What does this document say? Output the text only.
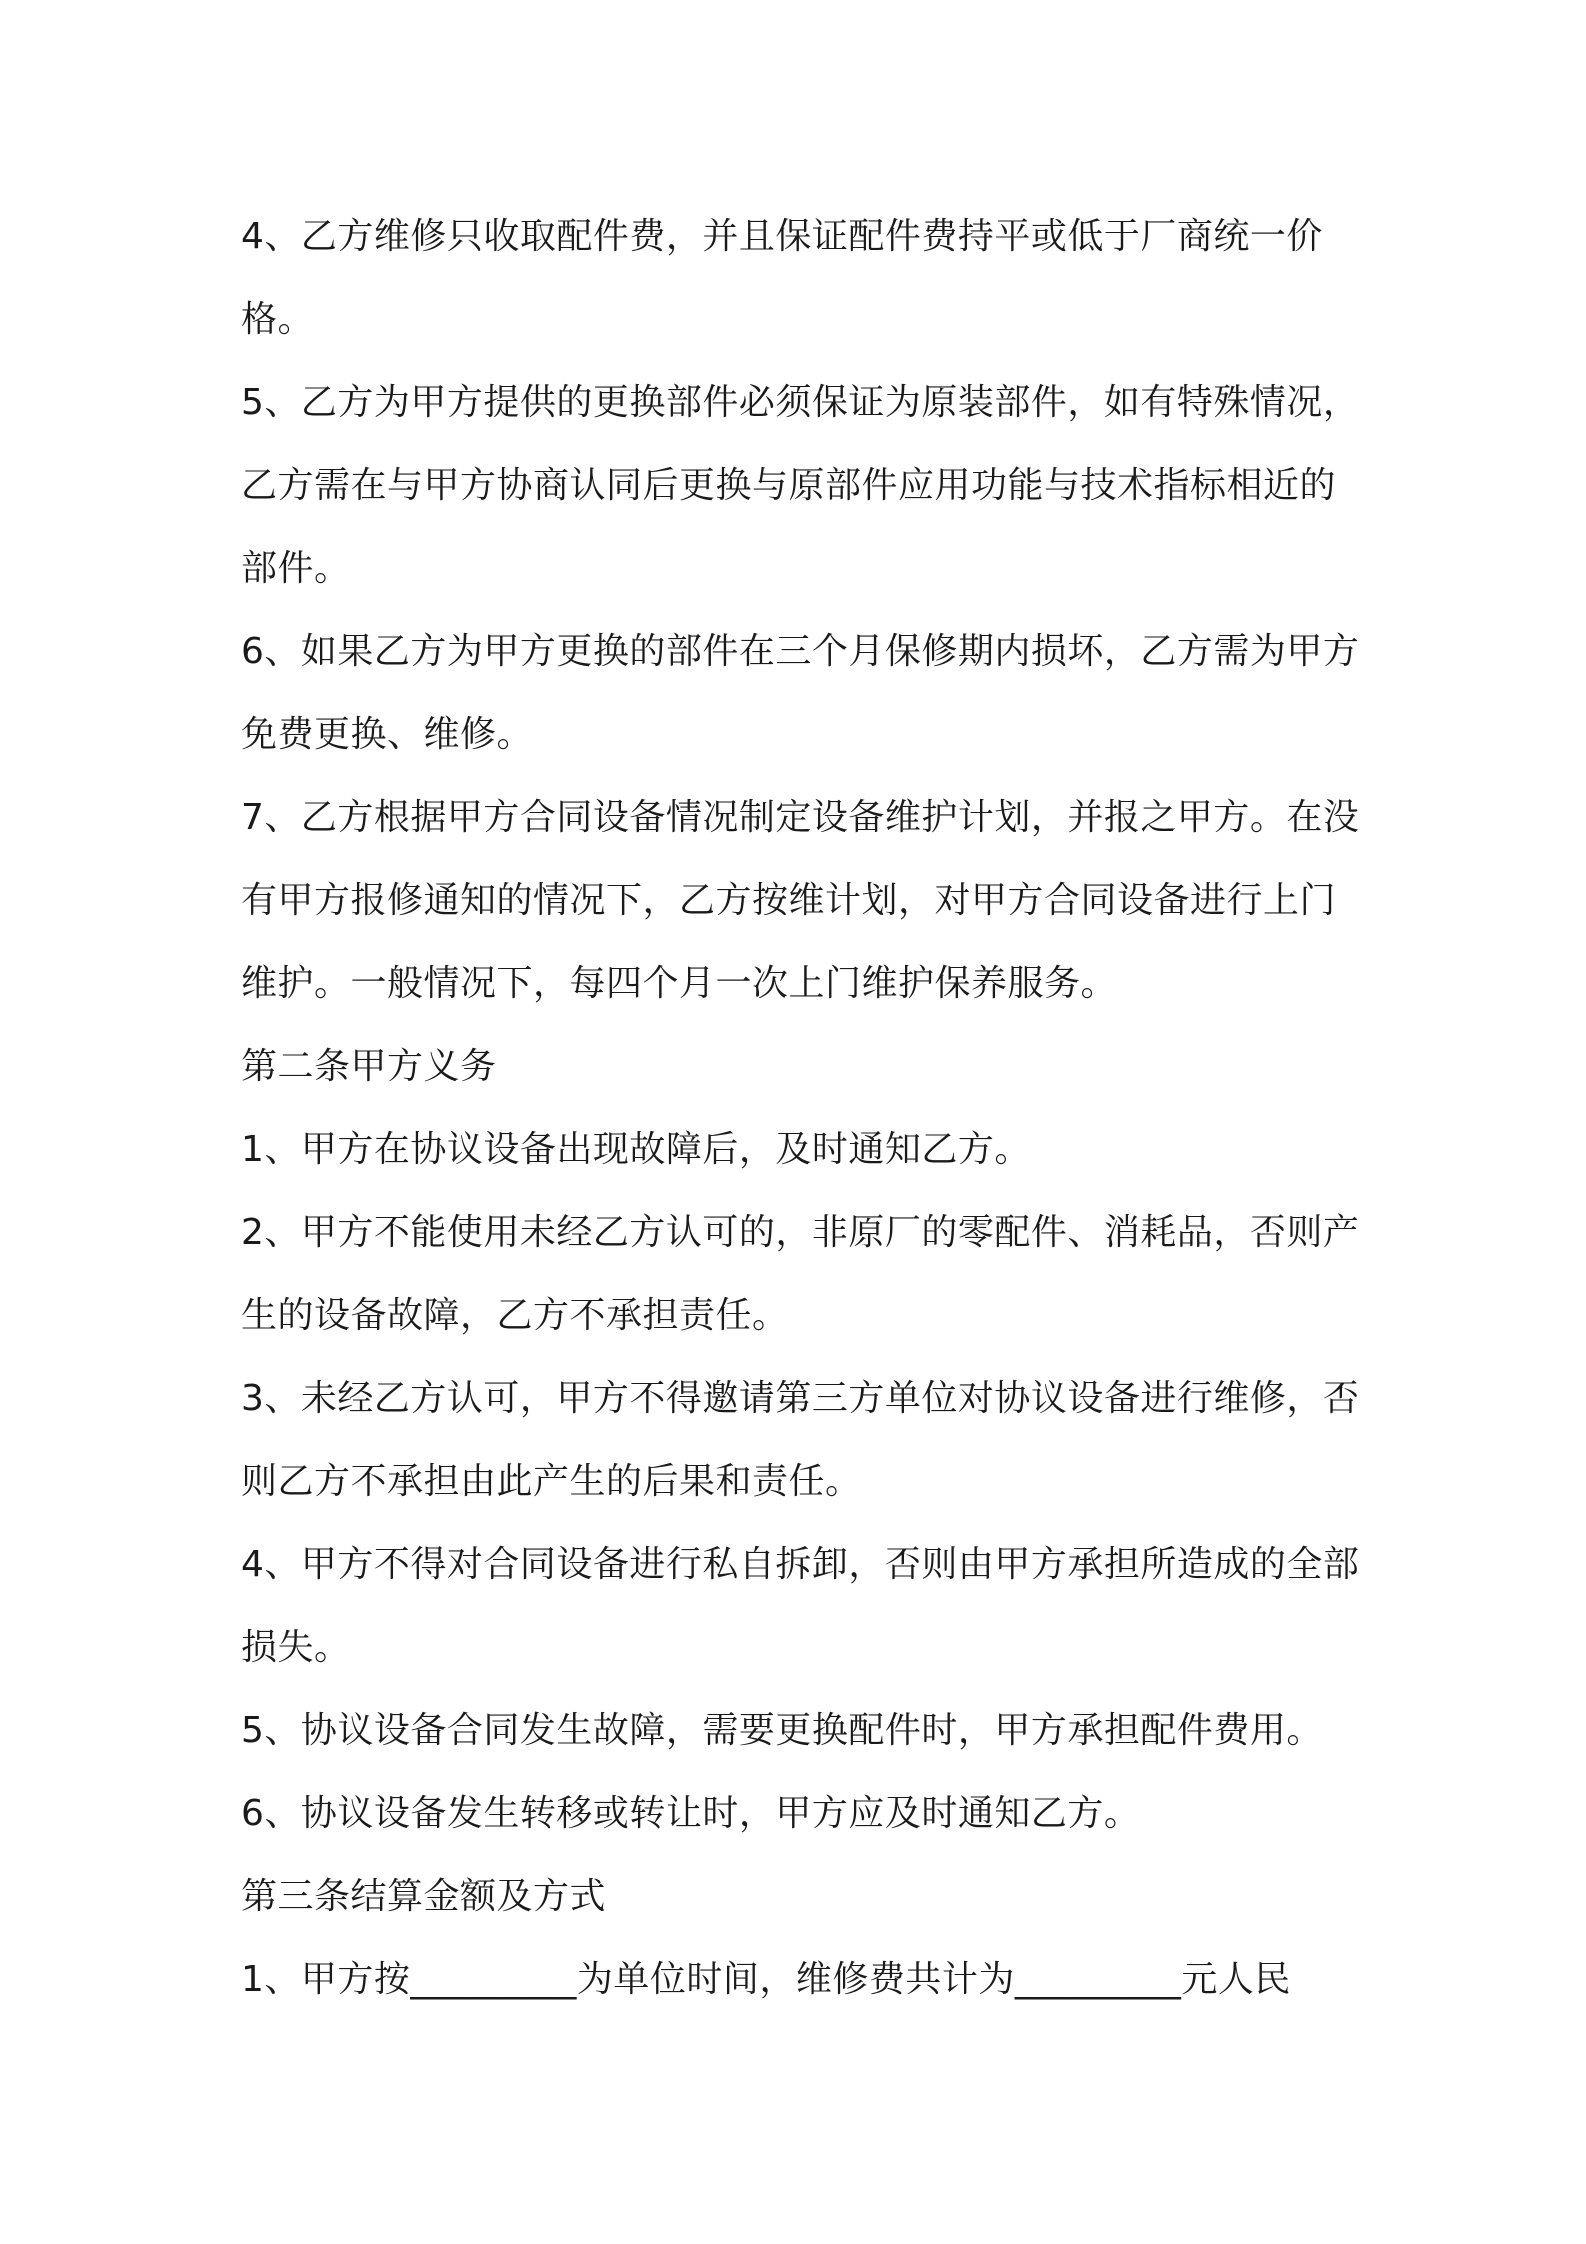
4、乙方维修只收取配件费，并且保证配件费持平或低于厂商统一价格。

5、乙方为甲方提供的更换部件必须保证为原装部件，如有特殊情况，乙方需在与甲方协商认同后更换与原部件应用功能与技术指标相近的部件。

6、如果乙方为甲方更换的部件在三个月保修期内损坏，乙方需为甲方免费更换、维修。

7、乙方根据甲方合同设备情况制定设备维护计划，并报之甲方。在没有甲方报修通知的情况下，乙方按维计划，对甲方合同设备进行上门维护。一般情况下，每四个月一次上门维护保养服务。

第二条甲方义务

1、甲方在协议设备出现故障后，及时通知乙方。

2、甲方不能使用未经乙方认可的，非原厂的零配件、消耗品，否则产生的设备故障，乙方不承担责任。

3、未经乙方认可，甲方不得邀请第三方单位对协议设备进行维修，否则乙方不承担由此产生的后果和责任。

4、甲方不得对合同设备进行私自拆卸，否则由甲方承担所造成的全部损失。

5、协议设备合同发生故障，需要更换配件时，甲方承担配件费用。

6、协议设备发生转移或转让时，甲方应及时通知乙方。

第三条结算金额及方式

1、甲方按_________为单位时间，维修费共计为_________元人民
